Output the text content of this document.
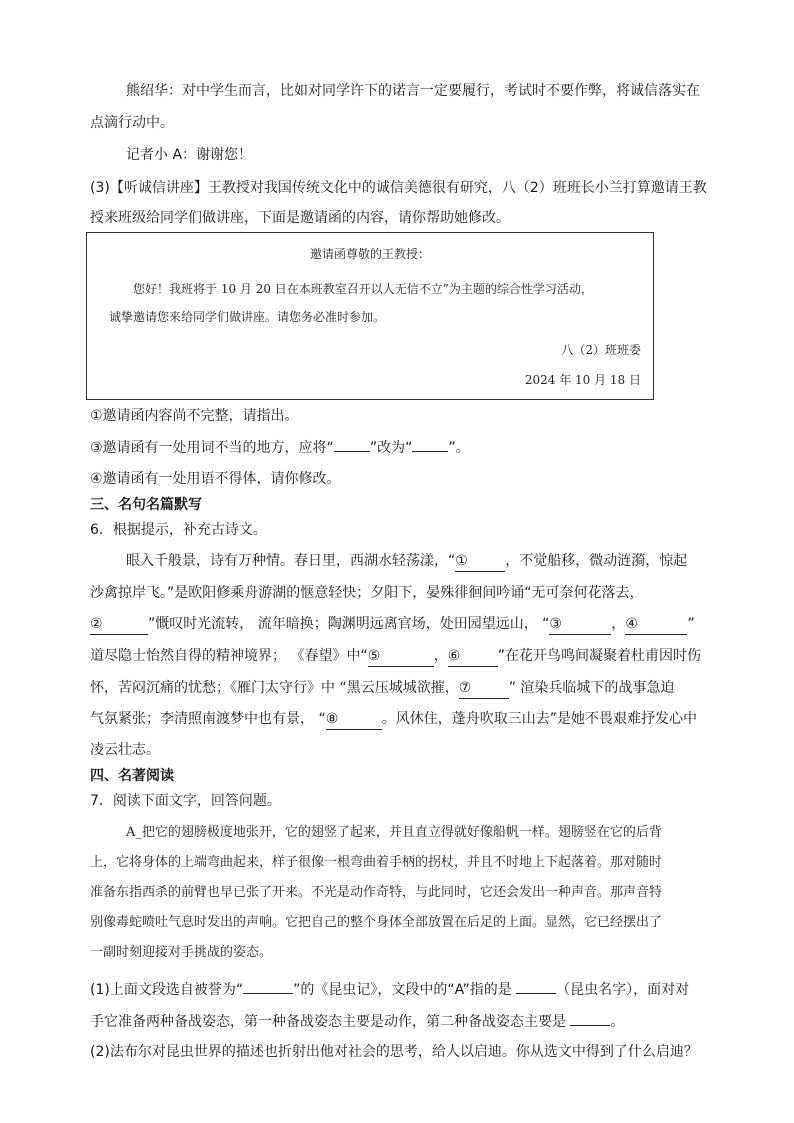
熊绍华：对中学生而言，比如对同学许下的诺言一定要履行，考试时不要作弊，将诚信落实在
点滴行动中。
记者小 A：谢谢您！
(3)【听诚信讲座】王教授对我国传统文化中的诚信美德很有研究，八（2）班班长小兰打算邀请王教
授来班级给同学们做讲座，下面是邀请函的内容，请你帮助她修改。
邀请函尊敬的王教授：
您好！我班将于 10 月 20 日在本班教室召开以人无信不立”为主题的综合性学习活动，
诚挚邀请您来给同学们做讲座。请您务必准时参加。
八（2）班班委
2024 年 10 月 18 日
①邀请函内容尚不完整，请指出。
③邀请函有一处用词不当的地方，应将“	”改为“	”。
④邀请函有一处用语不得体，请你修改。
三、名句名篇默写
6．根据提示，补充古诗文。
眼入千般景，诗有万种情。春日里，西湖水轻荡漾，“①	，不觉船移，微动涟漪，惊起
沙禽掠岸飞。”是欧阳修乘舟游湖的惬意轻快；夕阳下，晏殊徘徊间吟诵“无可奈何花落去，
②	”慨叹时光流转， 流年暗换；陶渊明远离官场，处田园望远山， “③	，④	”
道尽隐士怡然自得的精神境界； 《春望》中“⑤	，⑥	”在花开鸟鸣间凝聚着杜甫因时伤
怀，苦闷沉痛的忧愁；《雁门太守行》中 “黑云压城城欲摧，⑦	” 渲染兵临城下的战事急迫
气氛紧张；李清照南渡梦中也有景， “⑧	。风休住，蓬舟吹取三山去”是她不畏艰难抒发心中
凌云壮志。
四、名著阅读
7．阅读下面文字，回答问题。
A_把它的翅膀极度地张开，它的翅竖了起来，并且直立得就好像船帆一样。翅膀竖在它的后背
上，它将身体的上端弯曲起来，样子很像一根弯曲着手柄的拐杖，并且不时地上下起落着。那对随时
准备东指西杀的前臂也早已张了开来。不光是动作奇特，与此同时，它还会发出一种声音。那声音特
别像毒蛇喷吐气息时发出的声响。它把自己的整个身体全部放置在后足的上面。显然，它已经摆出了
一副时刻迎接对手挑战的姿态。
(1)上面文段选自被誉为“	”的《昆虫记》，文段中的“A”指的是	（昆虫名字），面对对
手它准备两种备战姿态，第一种备战姿态主要是动作，第二种备战姿态主要是	。
(2)法布尔对昆虫世界的描述也折射出他对社会的思考，给人以启迪。你从选文中得到了什么启迪？
